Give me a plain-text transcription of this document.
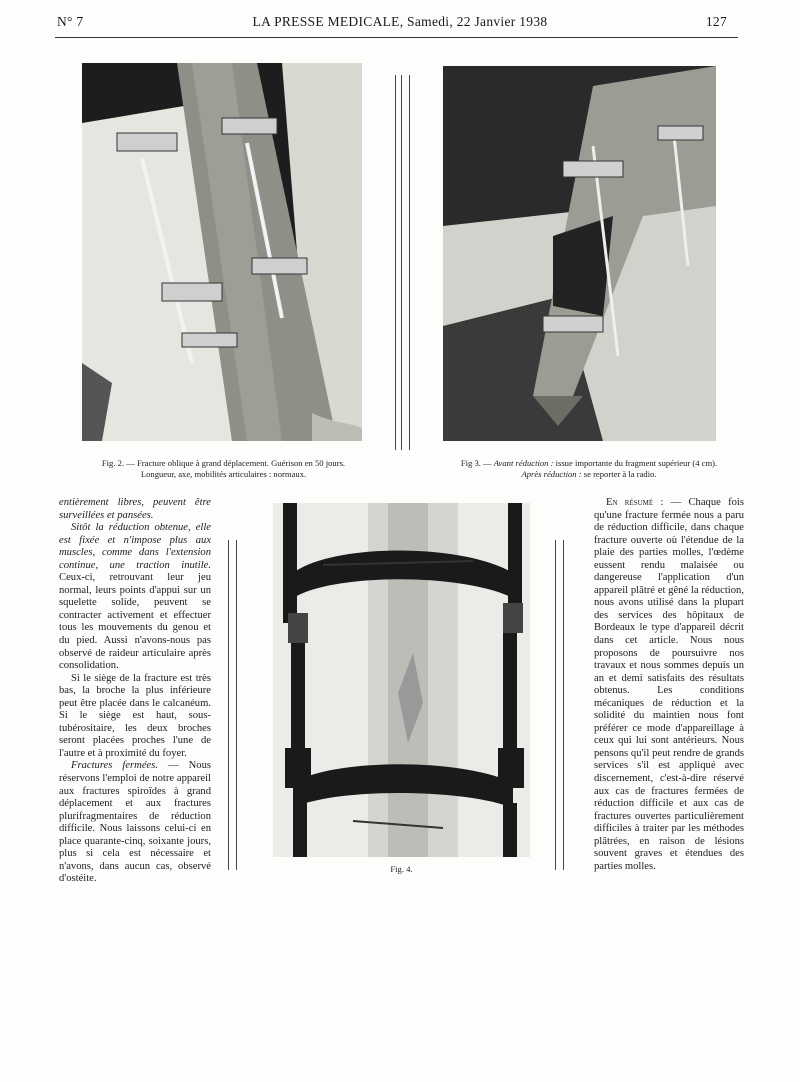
N° 7	LA PRESSE MEDICALE, Samedi, 22 Janvier 1938	127
Fig. 2. — Fracture oblique à grand déplacement. Guérison en 50 jours.
Longueur, axe, mobilités articulaires : normaux.
Fig 3. — Avant réduction : issue importante du fragment supérieur (4 cm).
Après réduction : se reporter à la radio.

entièrement libres, peuvent être surveillées et pansées.

Sitôt la réduction obtenue, elle est fixée et n'impose plus aux muscles, comme dans l'extension continue, une traction inutile. Ceux-ci, retrouvant leur jeu normal, leurs points d'appui sur un squelette solide, peuvent se contracter activement et effectuer tous les mouvements du genou et du pied. Aussi n'avons-nous pas observé de raideur articulaire après consolidation.

Si le siège de la fracture est très bas, la broche la plus inférieure peut être placée dans le calcanéum. Si le siège est haut, sous-tubérositaire, les deux broches seront placées proches l'une de l'autre et à proximité du foyer.

Fractures fermées. — Nous réservons l'emploi de notre appareil aux fractures spiroïdes à grand déplacement et aux fractures plurifragmentaires de réduction difficile. Nous laissons celui-ci en place quarante-cinq, soixante jours, plus si cela est nécessaire et n'avons, dans aucun cas, observé d'ostéite.

Fig. 4.

En résumé : — Chaque fois qu'une fracture fermée nous a paru de réduction difficile, dans chaque fracture ouverte où l'étendue de la plaie des parties molles, l'œdème eussent rendu malaisée ou dangereuse l'application d'un appareil plâtré et gêné la réduction, nous avons utilisé dans la plupart des services des hôpitaux de Bordeaux le type d'appareil décrit dans cet article. Nous nous proposons de poursuivre nos travaux et nous sommes depuis un an et demi satisfaits des résultats obtenus. Les conditions mécaniques de réduction et la solidité du maintien nous font préférer ce mode d'appareillage à ceux qui lui sont antérieurs. Nous pensons qu'il peut rendre de grands services s'il est appliqué avec discernement, c'est-à-dire réservé aux cas de fractures fermées de réduction difficile et aux cas de fractures ouvertes particulièrement difficiles à traiter par les méthodes plâtrées, en raison de lésions souvent graves et étendues des parties molles.
